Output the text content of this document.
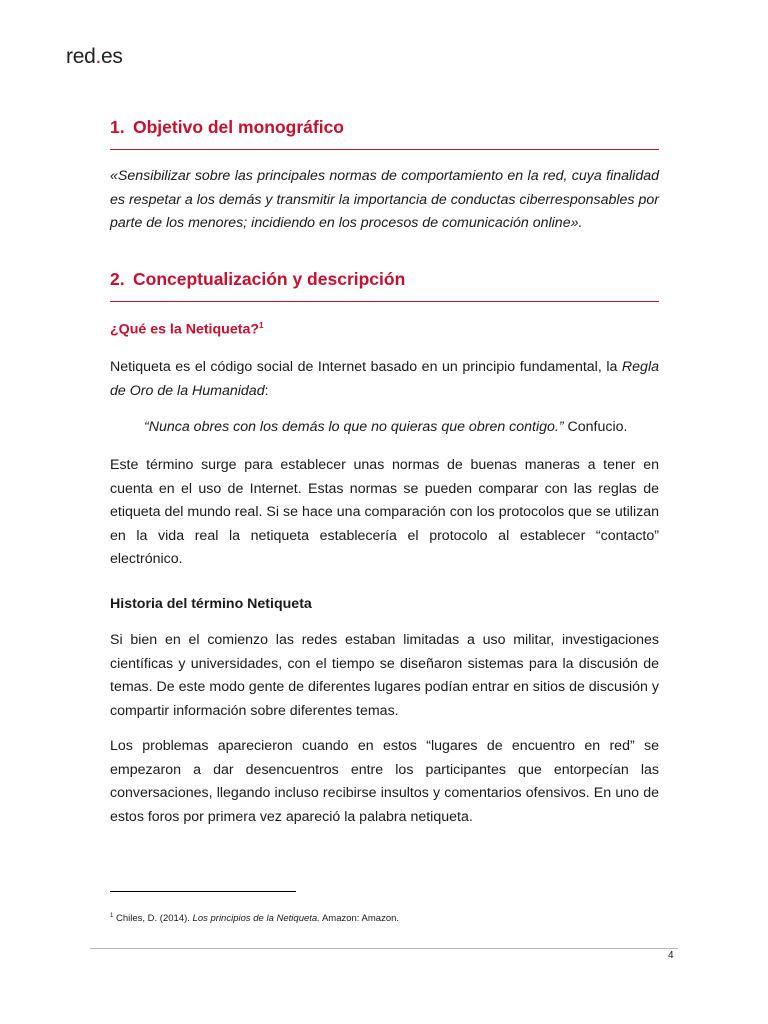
red.es
1. Objetivo del monográfico
«Sensibilizar sobre las principales normas de comportamiento en la red, cuya finalidad es respetar a los demás y transmitir la importancia de conductas ciberresponsables por parte de los menores; incidiendo en los procesos de comunicación online».
2. Conceptualización y descripción
¿Qué es la Netiqueta?$^1$
Netiqueta es el código social de Internet basado en un principio fundamental, la Regla de Oro de la Humanidad:
“Nunca obres con los demás lo que no quieras que obren contigo.” Confucio.
Este término surge para establecer unas normas de buenas maneras a tener en cuenta en el uso de Internet. Estas normas se pueden comparar con las reglas de etiqueta del mundo real. Si se hace una comparación con los protocolos que se utilizan en la vida real la netiqueta establecería el protocolo al establecer “contacto” electrónico.
Historia del término Netiqueta
Si bien en el comienzo las redes estaban limitadas a uso militar, investigaciones científicas y universidades, con el tiempo se diseñaron sistemas para la discusión de temas. De este modo gente de diferentes lugares podían entrar en sitios de discusión y compartir información sobre diferentes temas.
Los problemas aparecieron cuando en estos “lugares de encuentro en red” se empezaron a dar desencuentros entre los participantes que entorpecían las conversaciones, llegando incluso recibirse insultos y comentarios ofensivos. En uno de estos foros por primera vez apareció la palabra netiqueta.
$^1$ Chiles, D. (2014). Los principios de la Netiqueta. Amazon: Amazon.
4
